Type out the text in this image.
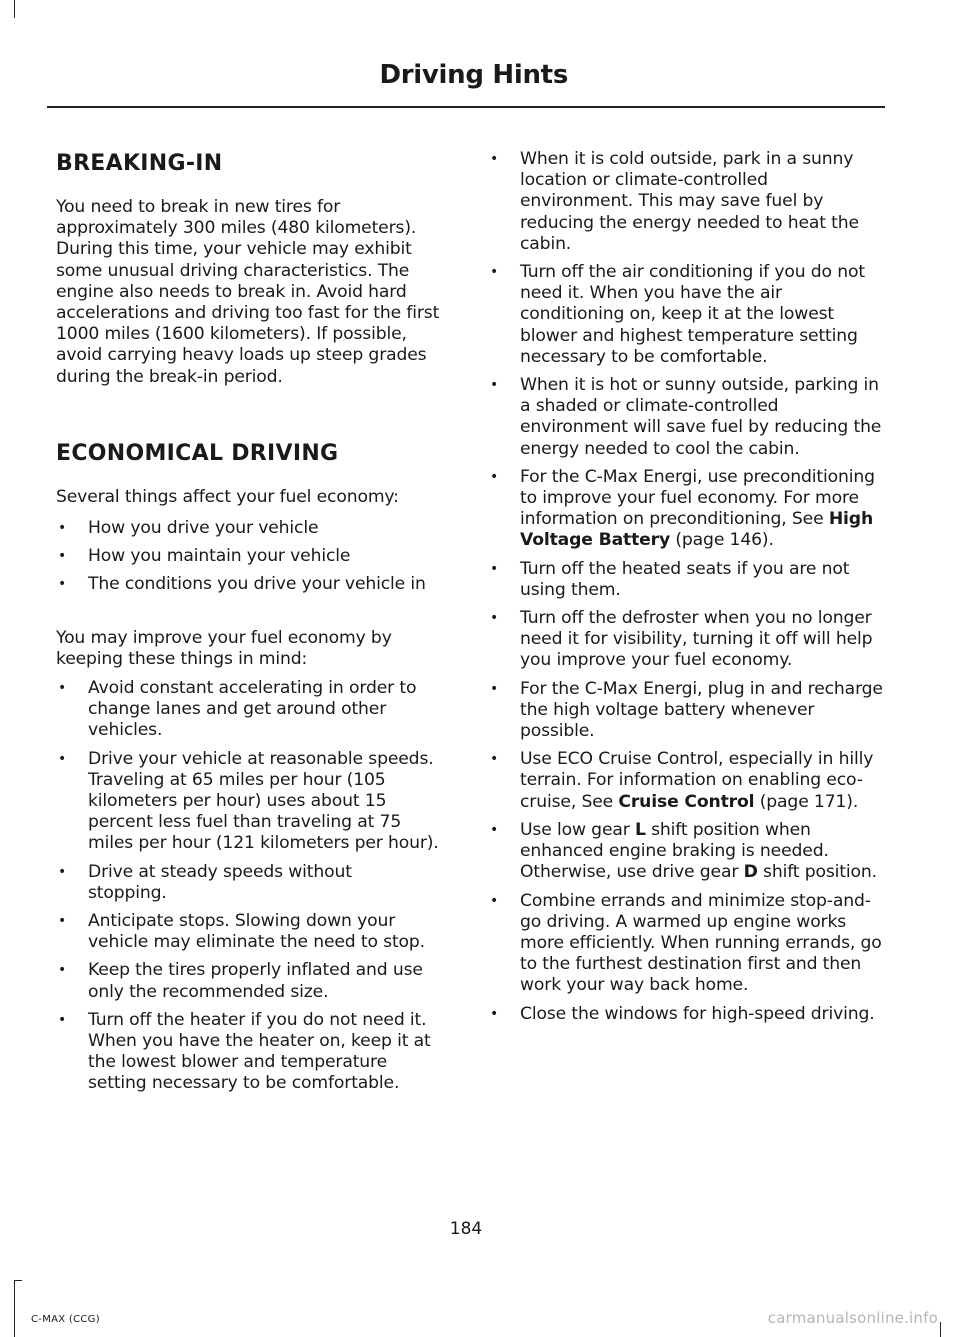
Driving Hints
BREAKING-IN

You need to break in new tires for approximately 300 miles (480 kilometers). During this time, your vehicle may exhibit some unusual driving characteristics. The engine also needs to break in. Avoid hard accelerations and driving too fast for the first 1000 miles (1600 kilometers). If possible, avoid carrying heavy loads up steep grades during the break-in period.

ECONOMICAL DRIVING

Several things affect your fuel economy:

• How you drive your vehicle
• How you maintain your vehicle
• The conditions you drive your vehicle in

You may improve your fuel economy by keeping these things in mind:

• Avoid constant accelerating in order to change lanes and get around other vehicles.
• Drive your vehicle at reasonable speeds. Traveling at 65 miles per hour (105 kilometers per hour) uses about 15 percent less fuel than traveling at 75 miles per hour (121 kilometers per hour).
• Drive at steady speeds without stopping.
• Anticipate stops. Slowing down your vehicle may eliminate the need to stop.
• Keep the tires properly inflated and use only the recommended size.
• Turn off the heater if you do not need it. When you have the heater on, keep it at the lowest blower and temperature setting necessary to be comfortable.
• When it is cold outside, park in a sunny location or climate-controlled environment. This may save fuel by reducing the energy needed to heat the cabin.
• Turn off the air conditioning if you do not need it. When you have the air conditioning on, keep it at the lowest blower and highest temperature setting necessary to be comfortable.
• When it is hot or sunny outside, parking in a shaded or climate-controlled environment will save fuel by reducing the energy needed to cool the cabin.
• For the C-Max Energi, use preconditioning to improve your fuel economy. For more information on preconditioning, See High Voltage Battery (page 146).
• Turn off the heated seats if you are not using them.
• Turn off the defroster when you no longer need it for visibility, turning it off will help you improve your fuel economy.
• For the C-Max Energi, plug in and recharge the high voltage battery whenever possible.
• Use ECO Cruise Control, especially in hilly terrain. For information on enabling eco-cruise, See Cruise Control (page 171).
• Use low gear L shift position when enhanced engine braking is needed. Otherwise, use drive gear D shift position.
• Combine errands and minimize stop-and-go driving. A warmed up engine works more efficiently. When running errands, go to the furthest destination first and then work your way back home.
• Close the windows for high-speed driving.
184
C-MAX (CCG)	carmanualsonline.info
